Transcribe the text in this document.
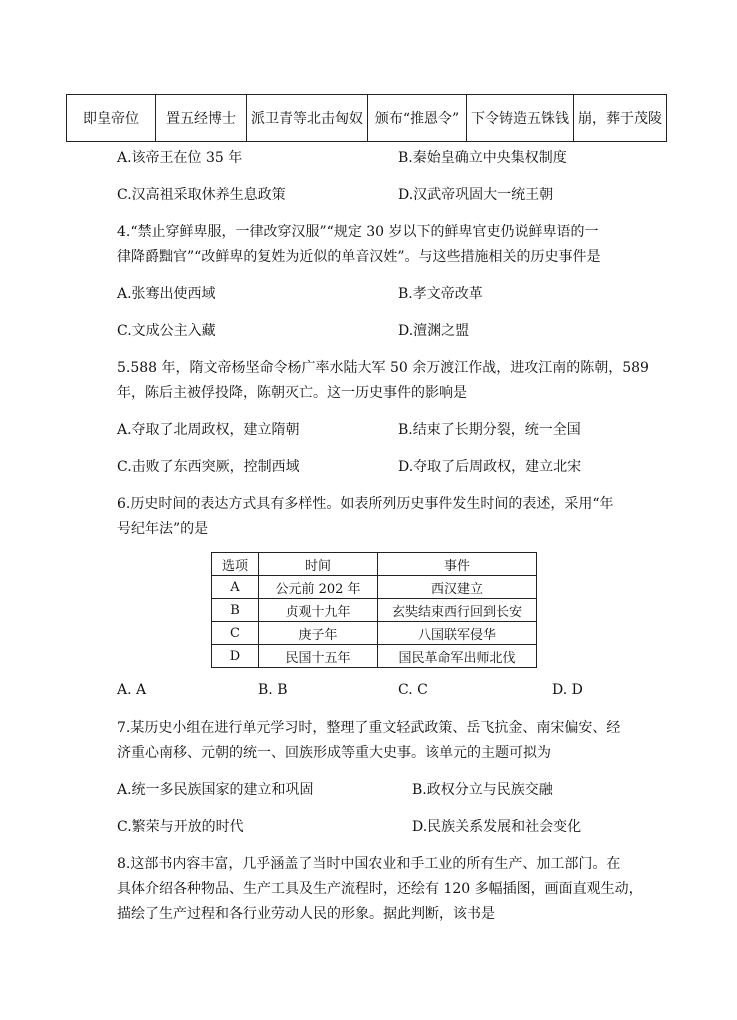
即皇帝位	置五经博士	派卫青等北击匈奴	颁布“推恩令”	下令铸造五铢钱	崩，葬于茂陵
A.该帝王在位 35 年	B.秦始皇确立中央集权制度
C.汉高祖采取休养生息政策	D.汉武帝巩固大一统王朝
4.“禁止穿鲜卑服，一律改穿汉服”“规定 30 岁以下的鲜卑官吏仍说鲜卑语的一
律降爵黜官”“改鲜卑的复姓为近似的单音汉姓”。与这些措施相关的历史事件是
A.张骞出使西域	B.孝文帝改革
C.文成公主入藏	D.澶渊之盟
5.588 年，隋文帝杨坚命令杨广率水陆大军 50 余万渡江作战，进攻江南的陈朝，589
年，陈后主被俘投降，陈朝灭亡。这一历史事件的影响是
A.夺取了北周政权，建立隋朝	B.结束了长期分裂，统一全国
C.击败了东西突厥，控制西域	D.夺取了后周政权，建立北宋
6.历史时间的表达方式具有多样性。如表所列历史事件发生时间的表述，采用“年
号纪年法”的是
选项	时间	事件
A	公元前 202 年	西汉建立
B	贞观十九年	玄奘结束西行回到长安
C	庚子年	八国联军侵华
D	民国十五年	国民革命军出师北伐
A. A	B. B	C. C	D. D
7.某历史小组在进行单元学习时，整理了重文轻武政策、岳飞抗金、南宋偏安、经
济重心南移、元朝的统一、回族形成等重大史事。该单元的主题可拟为
A.统一多民族国家的建立和巩固	B.政权分立与民族交融
C.繁荣与开放的时代	D.民族关系发展和社会变化
8.这部书内容丰富，几乎涵盖了当时中国农业和手工业的所有生产、加工部门。在
具体介绍各种物品、生产工具及生产流程时，还绘有 120 多幅插图，画面直观生动，
描绘了生产过程和各行业劳动人民的形象。据此判断，该书是
